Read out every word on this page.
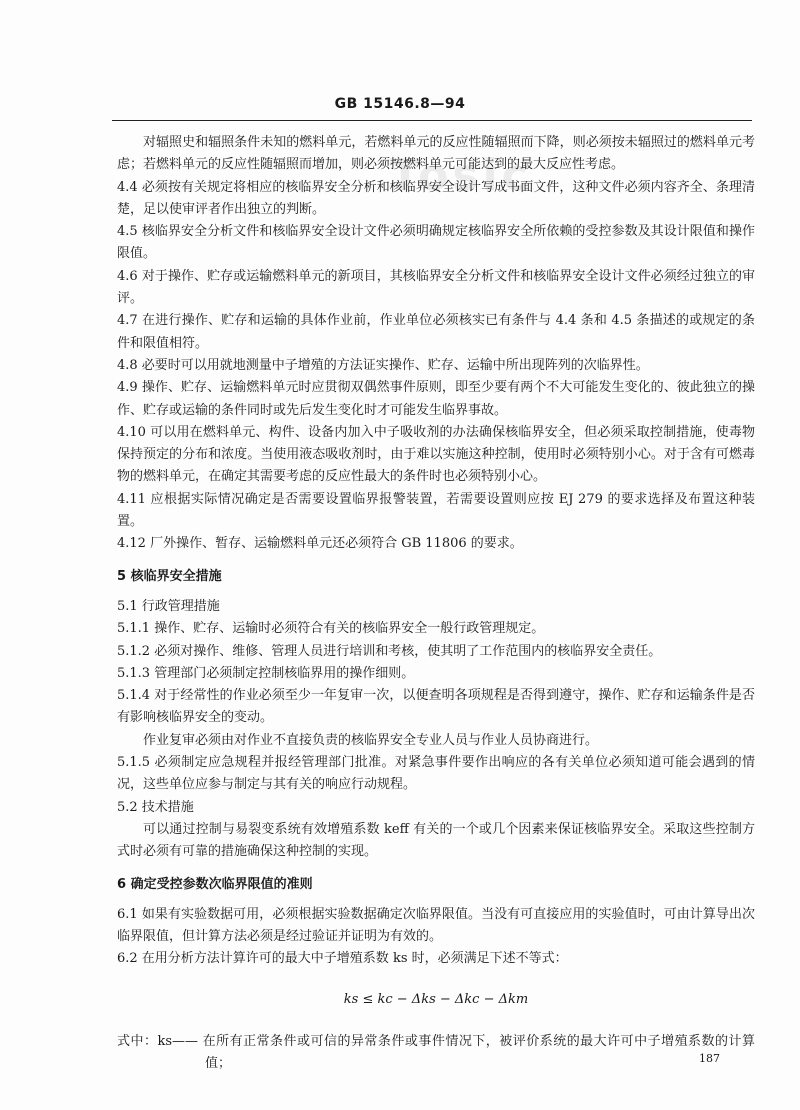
Tosic
GB 15146.8—94

对辐照史和辐照条件未知的燃料单元，若燃料单元的反应性随辐照而下降，则必须按未辐照过的燃料单元考虑；若燃料单元的反应性随辐照而增加，则必须按燃料单元可能达到的最大反应性考虑。

4.4 必须按有关规定将相应的核临界安全分析和核临界安全设计写成书面文件，这种文件必须内容齐全、条理清楚，足以使审评者作出独立的判断。

4.5 核临界安全分析文件和核临界安全设计文件必须明确规定核临界安全所依赖的受控参数及其设计限值和操作限值。

4.6 对于操作、贮存或运输燃料单元的新项目，其核临界安全分析文件和核临界安全设计文件必须经过独立的审评。

4.7 在进行操作、贮存和运输的具体作业前，作业单位必须核实已有条件与 4.4 条和 4.5 条描述的或规定的条件和限值相符。

4.8 必要时可以用就地测量中子增殖的方法证实操作、贮存、运输中所出现阵列的次临界性。

4.9 操作、贮存、运输燃料单元时应贯彻双偶然事件原则，即至少要有两个不大可能发生变化的、彼此独立的操作、贮存或运输的条件同时或先后发生变化时才可能发生临界事故。

4.10 可以用在燃料单元、构件、设备内加入中子吸收剂的办法确保核临界安全，但必须采取控制措施，使毒物保持预定的分布和浓度。当使用液态吸收剂时，由于难以实施这种控制，使用时必须特别小心。对于含有可燃毒物的燃料单元，在确定其需要考虑的反应性最大的条件时也必须特别小心。

4.11 应根据实际情况确定是否需要设置临界报警装置，若需要设置则应按 EJ 279 的要求选择及布置这种装置。

4.12 厂外操作、暂存、运输燃料单元还必须符合 GB 11806 的要求。

5 核临界安全措施

5.1 行政管理措施

5.1.1 操作、贮存、运输时必须符合有关的核临界安全一般行政管理规定。

5.1.2 必须对操作、维修、管理人员进行培训和考核，使其明了工作范围内的核临界安全责任。

5.1.3 管理部门必须制定控制核临界用的操作细则。

5.1.4 对于经常性的作业必须至少一年复审一次，以便查明各项规程是否得到遵守，操作、贮存和运输条件是否有影响核临界安全的变动。

作业复审必须由对作业不直接负责的核临界安全专业人员与作业人员协商进行。

5.1.5 必须制定应急规程并报经管理部门批准。对紧急事件要作出响应的各有关单位必须知道可能会遇到的情况，这些单位应参与制定与其有关的响应行动规程。

5.2 技术措施

可以通过控制与易裂变系统有效增殖系数 keff 有关的一个或几个因素来保证核临界安全。采取这些控制方式时必须有可靠的措施确保这种控制的实现。

6 确定受控参数次临界限值的准则

6.1 如果有实验数据可用，必须根据实验数据确定次临界限值。当没有可直接应用的实验值时，可由计算导出次临界限值，但计算方法必须是经过验证并证明为有效的。

6.2 在用分析方法计算许可的最大中子增殖系数 ks 时，必须满足下述不等式：

ks ≤ kc − Δks − Δkc − Δkm

式中：ks—— 在所有正常条件或可信的异常条件或事件情况下，被评价系统的最大许可中子增殖系数的计算值；	187
